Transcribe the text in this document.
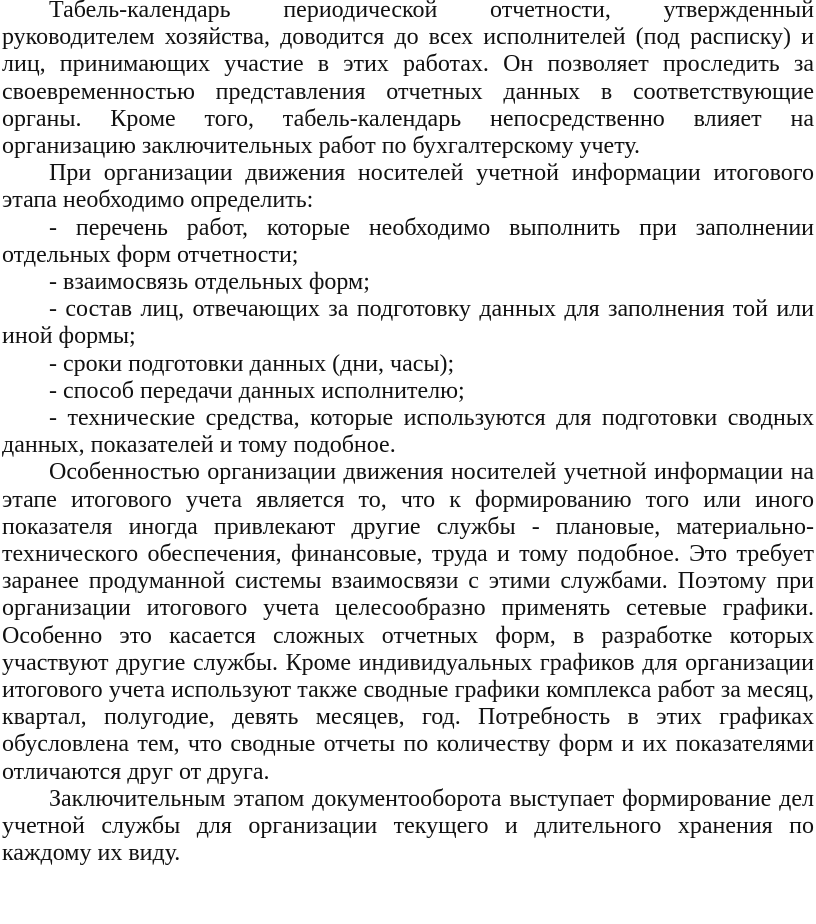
Табель-календарь периодической отчетности, утвержденный руководителем хозяйства, доводится до всех исполнителей (под расписку) и лиц, принимающих участие в этих работах. Он позволяет проследить за своевременностью представления отчетных данных в соответствующие органы. Кроме того, табель-календарь непосредственно влияет на организацию заключительных работ по бухгалтерскому учету.

При организации движения носителей учетной информации итогового этапа необходимо определить:

- перечень работ, которые необходимо выполнить при заполнении отдельных форм отчетности;

- взаимосвязь отдельных форм;

- состав лиц, отвечающих за подготовку данных для заполнения той или иной формы;

- сроки подготовки данных (дни, часы);

- способ передачи данных исполнителю;

- технические средства, которые используются для подготовки сводных данных, показателей и тому подобное.

Особенностью организации движения носителей учетной информации на этапе итогового учета является то, что к формированию того или иного показателя иногда привлекают другие службы - плановые, материально-технического обеспечения, финансовые, труда и тому подобное. Это требует заранее продуманной системы взаимосвязи с этими службами. Поэтому при организации итогового учета целесообразно применять сетевые графики. Особенно это касается сложных отчетных форм, в разработке которых участвуют другие службы. Кроме индивидуальных графиков для организации итогового учета используют также сводные графики комплекса работ за месяц, квартал, полугодие, девять месяцев, год. Потребность в этих графиках обусловлена тем, что сводные отчеты по количеству форм и их показателями отличаются друг от друга.

Заключительным этапом документооборота выступает формирование дел учетной службы для организации текущего и длительного хранения по каждому их виду.
